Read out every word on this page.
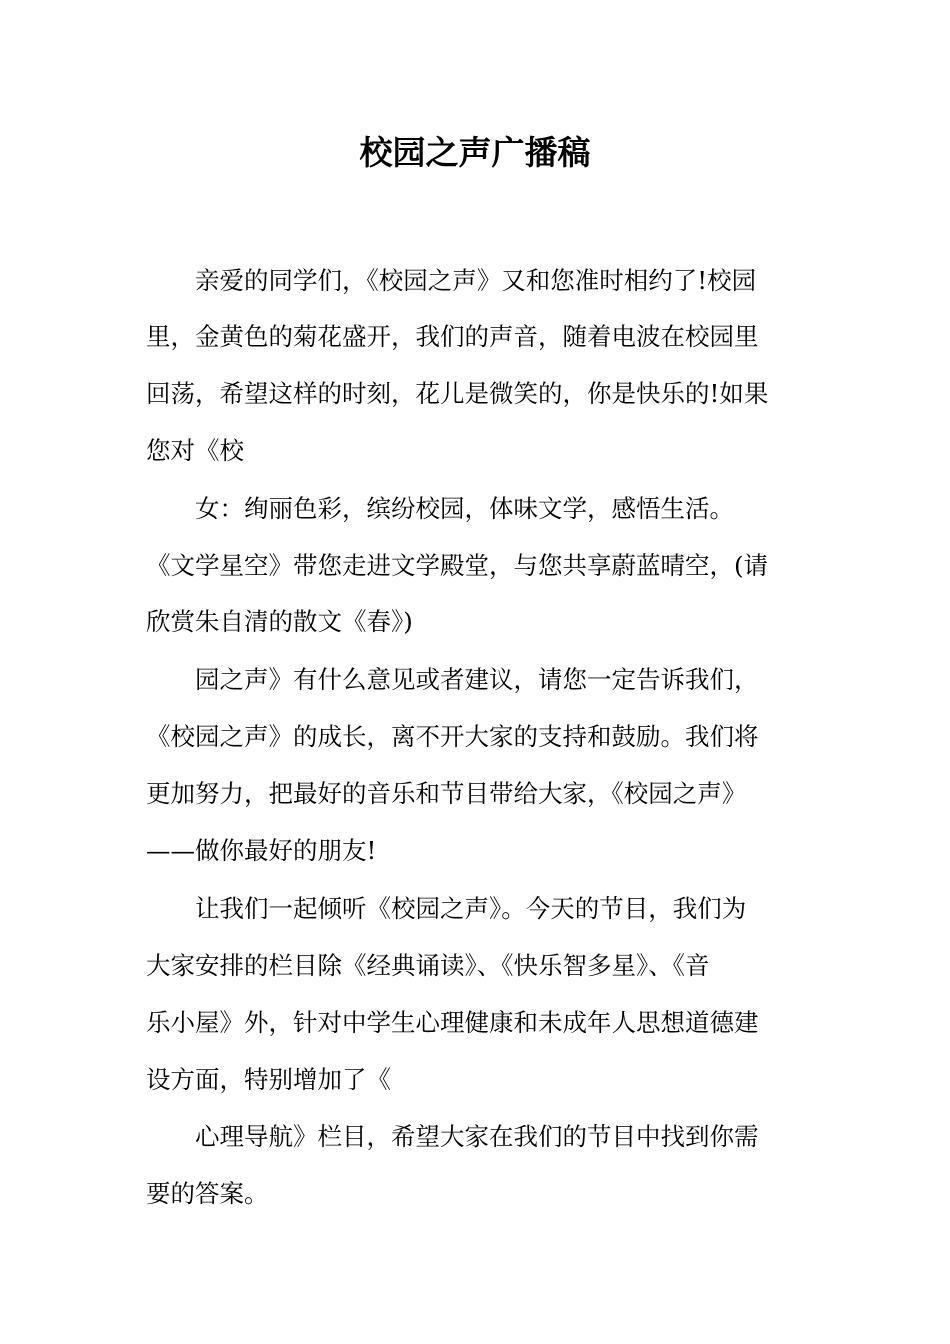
校园之声广播稿

亲爱的同学们，《校园之声》又和您准时相约了!校园

里，金黄色的菊花盛开，我们的声音，随着电波在校园里

回荡，希望这样的时刻，花儿是微笑的，你是快乐的!如果

您对《校

女：绚丽色彩，缤纷校园，体味文学，感悟生活。

《文学星空》带您走进文学殿堂，与您共享蔚蓝晴空，(请

欣赏朱自清的散文《春》)

园之声》有什么意见或者建议，请您一定告诉我们，

《校园之声》的成长，离不开大家的支持和鼓励。我们将

更加努力，把最好的音乐和节目带给大家，《校园之声》

——做你最好的朋友!

让我们一起倾听《校园之声》。今天的节目，我们为

大家安排的栏目除《经典诵读》、《快乐智多星》、《音

乐小屋》外，针对中学生心理健康和未成年人思想道德建

设方面，特别增加了《

心理导航》栏目，希望大家在我们的节目中找到你需

要的答案。
